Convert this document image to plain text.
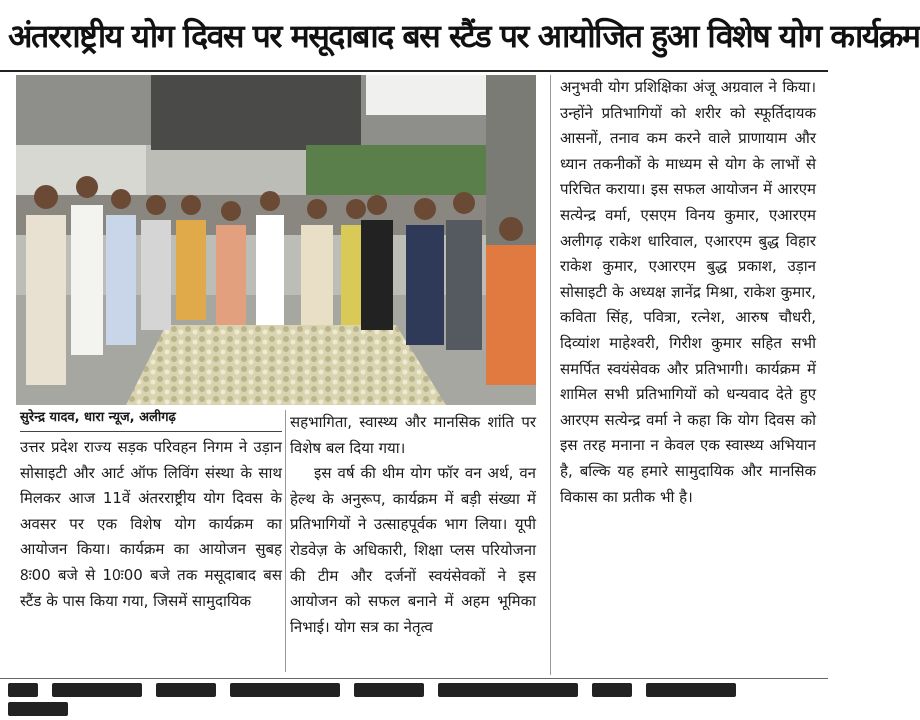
अंतरराष्ट्रीय योग दिवस पर मसूदाबाद बस स्टैंड पर आयोजित हुआ विशेष योग कार्यक्रम
सुरेन्द्र यादव, धारा न्यूज, अलीगढ़

उत्तर प्रदेश राज्य सड़क परिवहन निगम ने उड़ान सोसाइटी और आर्ट ऑफ लिविंग संस्था के साथ मिलकर आज 11वें अंतरराष्ट्रीय योग दिवस के अवसर पर एक विशेष योग कार्यक्रम का आयोजन किया। कार्यक्रम का आयोजन सुबह 8ः00 बजे से 10ः00 बजे तक मसूदाबाद बस स्टैंड के पास किया गया, जिसमें सामुदायिक

सहभागिता, स्वास्थ्य और मानसिक शांति पर विशेष बल दिया गया।

इस वर्ष की थीम योग फॉर वन अर्थ, वन हेल्थ के अनुरूप, कार्यक्रम में बड़ी संख्या में प्रतिभागियों ने उत्साहपूर्वक भाग लिया। यूपी रोडवेज़ के अधिकारी, शिक्षा प्लस परियोजना की टीम और दर्जनों स्वयंसेवकों ने इस आयोजन को सफल बनाने में अहम भूमिका निभाई। योग सत्र का नेतृत्व

अनुभवी योग प्रशिक्षिका अंजू अग्रवाल ने किया। उन्होंने प्रतिभागियों को शरीर को स्फूर्तिदायक आसनों, तनाव कम करने वाले प्राणायाम और ध्यान तकनीकों के माध्यम से योग के लाभों से परिचित कराया। इस सफल आयोजन में आरएम सत्येन्द्र वर्मा, एसएम विनय कुमार, एआरएम अलीगढ़ राकेश धारिवाल, एआरएम बुद्ध विहार राकेश कुमार, एआरएम बुद्ध प्रकाश, उड़ान सोसाइटी के अध्यक्ष ज्ञानेंद्र मिश्रा, राकेश कुमार, कविता सिंह, पवित्रा, रत्नेश, आरुष चौधरी, दिव्यांश माहेश्वरी, गिरीश कुमार सहित सभी समर्पित स्वयंसेवक और प्रतिभागी। कार्यक्रम में शामिल सभी प्रतिभागियों को धन्यवाद देते हुए आरएम सत्येन्द्र वर्मा ने कहा कि योग दिवस को इस तरह मनाना न केवल एक स्वास्थ्य अभियान है, बल्कि यह हमारे सामुदायिक और मानसिक विकास का प्रतीक भी है।
